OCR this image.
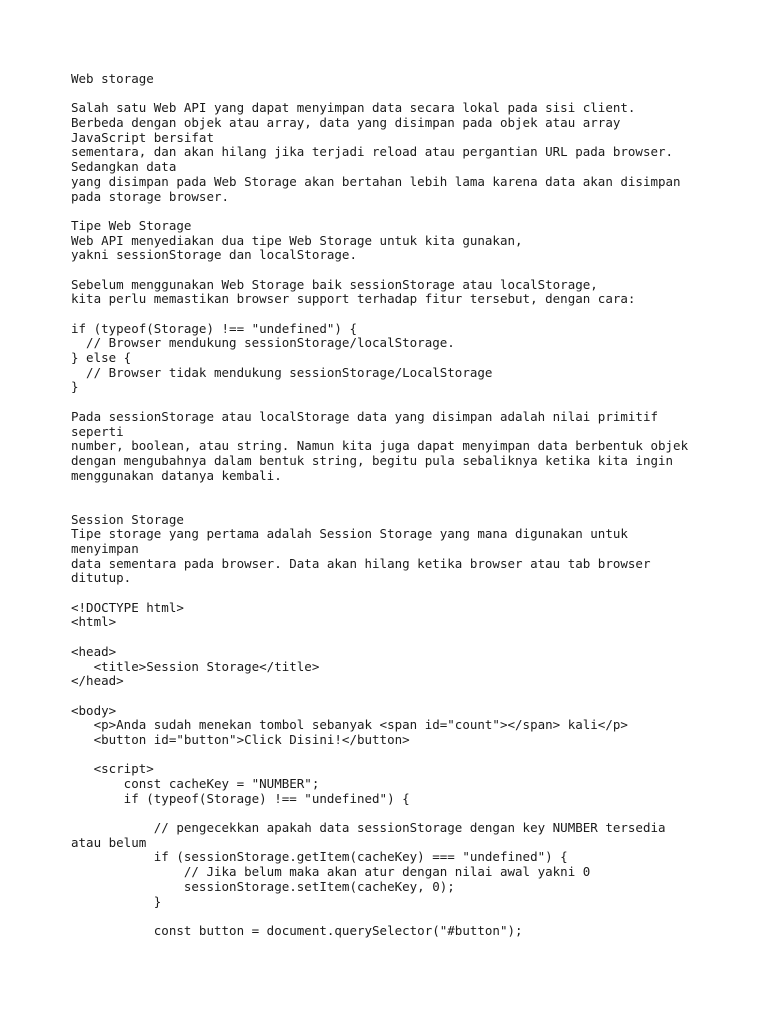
Web storage
Salah satu Web API yang dapat menyimpan data secara lokal pada sisi client.
Berbeda dengan objek atau array, data yang disimpan pada objek atau array
JavaScript bersifat
sementara, dan akan hilang jika terjadi reload atau pergantian URL pada browser.
Sedangkan data
yang disimpan pada Web Storage akan bertahan lebih lama karena data akan disimpan
pada storage browser.
Tipe Web Storage
Web API menyediakan dua tipe Web Storage untuk kita gunakan,
yakni sessionStorage dan localStorage.
Sebelum menggunakan Web Storage baik sessionStorage atau localStorage,
kita perlu memastikan browser support terhadap fitur tersebut, dengan cara:
if (typeof(Storage) !== "undefined") {
// Browser mendukung sessionStorage/localStorage.
} else {
// Browser tidak mendukung sessionStorage/LocalStorage
}
Pada sessionStorage atau localStorage data yang disimpan adalah nilai primitif
seperti
number, boolean, atau string. Namun kita juga dapat menyimpan data berbentuk objek
dengan mengubahnya dalam bentuk string, begitu pula sebaliknya ketika kita ingin
menggunakan datanya kembali.
Session Storage
Tipe storage yang pertama adalah Session Storage yang mana digunakan untuk
menyimpan
data sementara pada browser. Data akan hilang ketika browser atau tab browser
ditutup.
<!DOCTYPE html>
<html>
<head>
<title>Session Storage</title>
</head>
<body>
<p>Anda sudah menekan tombol sebanyak <span id="count"></span> kali</p>
<button id="button">Click Disini!</button>
<script>
const cacheKey = "NUMBER";
if (typeof(Storage) !== "undefined") {
// pengecekkan apakah data sessionStorage dengan key NUMBER tersedia
atau belum
if (sessionStorage.getItem(cacheKey) === "undefined") {
// Jika belum maka akan atur dengan nilai awal yakni 0
sessionStorage.setItem(cacheKey, 0);
}
const button = document.querySelector("#button");
